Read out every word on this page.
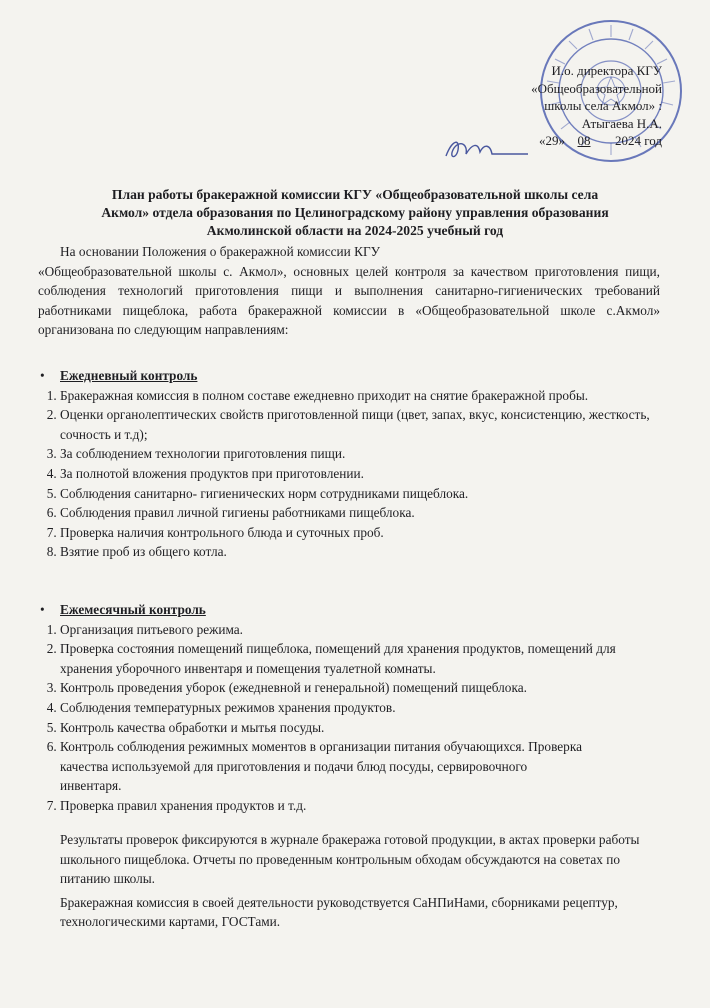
И.о. директора КГУ
«Общеобразовательной
школы села Акмол» :
Атыгаева Н.А.
«29» 08 2024 год
План работы бракеражной комиссии КГУ «Общеобразовательной школы села
Акмол» отдела образования по Целиноградскому району управления образования
Акмолинской области на 2024-2025 учебный год

На основании Положения о бракеражной комиссии КГУ

«Общеобразовательной школы с. Акмол», основных целей контроля за качеством приготовления пищи, соблюдения технологий приготовления пищи и выполнения санитарно-гигиенических требований работниками пищеблока, работа бракеражной комиссии в «Общеобразовательной школе с.Акмол» организована по следующим направлениям:

• Ежедневный контроль
1. Бракеражная комиссия в полном составе ежедневно приходит на снятие бракеражной пробы.
2. Оценки органолептических свойств приготовленной пищи (цвет, запах, вкус, консистенцию, жесткость, сочность и т.д);
3. За соблюдением технологии приготовления пищи.
4. За полнотой вложения продуктов при приготовлении.
5. Соблюдения санитарно- гигиенических норм сотрудниками пищеблока.
6. Соблюдения правил личной гигиены работниками пищеблока.
7. Проверка наличия контрольного блюда и суточных проб.
8. Взятие проб из общего котла.
• Ежемесячный контроль
1. Организация питьевого режима.
2. Проверка состояния помещений пищеблока, помещений для хранения продуктов, помещений для хранения уборочного инвентаря и помещения туалетной комнаты.
3. Контроль проведения уборок (ежедневной и генеральной) помещений пищеблока.
4. Соблюдения температурных режимов хранения продуктов.
5. Контроль качества обработки и мытья посуды.
6. Контроль соблюдения режимных моментов в организации питания обучающихся. Проверка качества используемой для приготовления и подачи блюд посуды, сервировочного инвентаря.
7. Проверка правил хранения продуктов и т.д.

Результаты проверок фиксируются в журнале бракеража готовой продукции, в актах проверки работы школьного пищеблока. Отчеты по проведенным контрольным обходам обсуждаются на советах по питанию школы.

Бракеражная комиссия в своей деятельности руководствуется СаНПиНами, сборниками рецептур, технологическими картами, ГОСТами.
